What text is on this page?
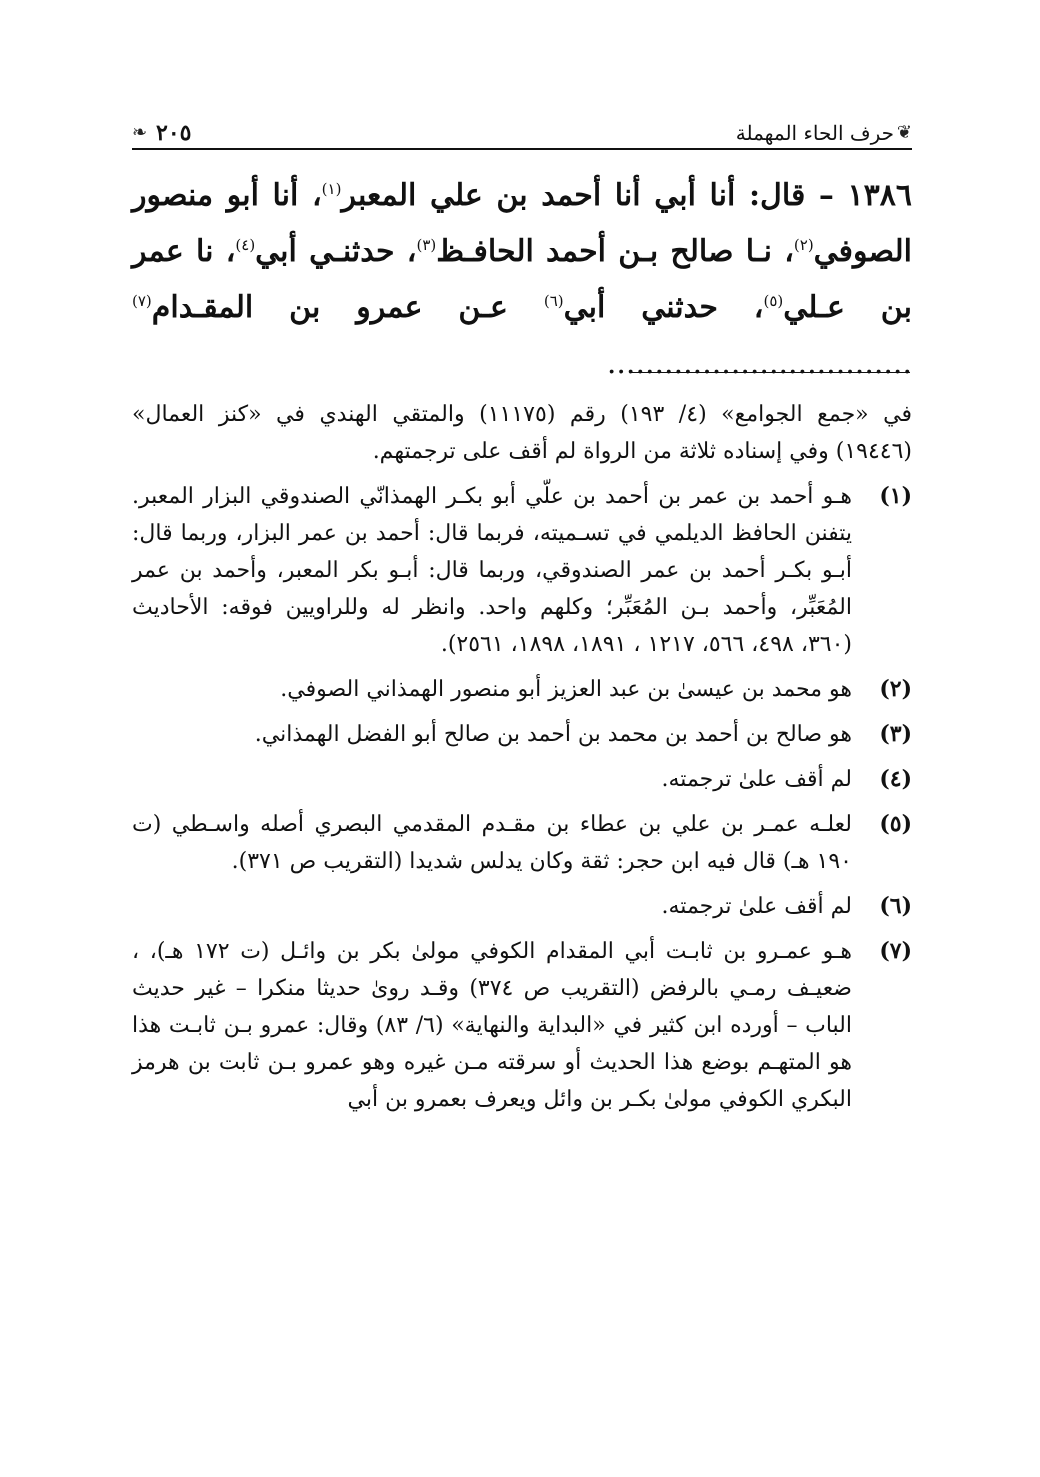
❦
حرف الحاء المهملة
٢٠٥
❧

١٣٨٦ – قال: أنا أبي أنا أحمد بن علي المعبر$^{(١)}$، أنا أبو منصور الصوفي$^{(٢)}$، نـا صالح بـن أحمد الحافـظ$^{(٣)}$، حدثنـي أبي$^{(٤)}$، نا عمر بن عـلي$^{(٥)}$، حدثني أبي$^{(٦)}$ عـن عمرو بن المقـدام$^{(٧)}$ ................................

في «جمع الجوامع» (٤/ ١٩٣) رقم (١١١٧٥) والمتقي الهندي في «كنز العمال» (١٩٤٤٦) وفي إسناده ثلاثة من الرواة لم أقف على ترجمتهم.

(١)
هـو أحمد بن عمر بن أحمد بن علّي أبو بكـر الهمذانّي الصندوقي البزار المعبر. يتفنن الحافظ الديلمي في تسـميته، فربما قال: أحمد بن عمر البزار، وربما قال: أبـو بكـر أحمد بن عمر الصندوقي، وربما قال: أبـو بكر المعبر، وأحمد بن عمر المُعَبِّر، وأحمد بـن المُعَبِّر؛ وكلهم واحد. وانظر له وللراويين فوقه: الأحاديث (٣٦٠، ٤٩٨، ٥٦٦، ١٢١٧ ، ١٨٩١، ١٨٩٨، ٢٥٦١).
(٢)
هو محمد بن عيسىٰ بن عبد العزيز أبو منصور الهمذاني الصوفي.
(٣)
هو صالح بن أحمد بن محمد بن أحمد بن صالح أبو الفضل الهمذاني.
(٤)
لم أقف علىٰ ترجمته.
(٥)
لعلـه عمـر بن علي بن عطاء بن مقـدم المقدمي البصري أصله واسـطي (ت ١٩٠ هـ) قال فيه ابن حجر: ثقة وكان يدلس شديدا (التقريب ص ٣٧١).
(٦)
لم أقف علىٰ ترجمته.
(٧)
هـو عمـرو بن ثابـت أبي المقدام الكوفي مولىٰ بكر بن وائـل (ت ١٧٢ هـ)، ، ضعيـف رمـي بالرفض (التقريب ص ٣٧٤) وقـد روىٰ حديثا منكرا – غير حديث الباب – أورده ابن كثير في «البداية والنهاية» (٦/ ٨٣) وقال: عمرو بـن ثابـت هذا هو المتهـم بوضع هذا الحديث أو سرقته مـن غيره وهو عمرو بـن ثابت بن هرمز البكري الكوفي مولىٰ بكـر بن وائل ويعرف بعمرو بن أبي
